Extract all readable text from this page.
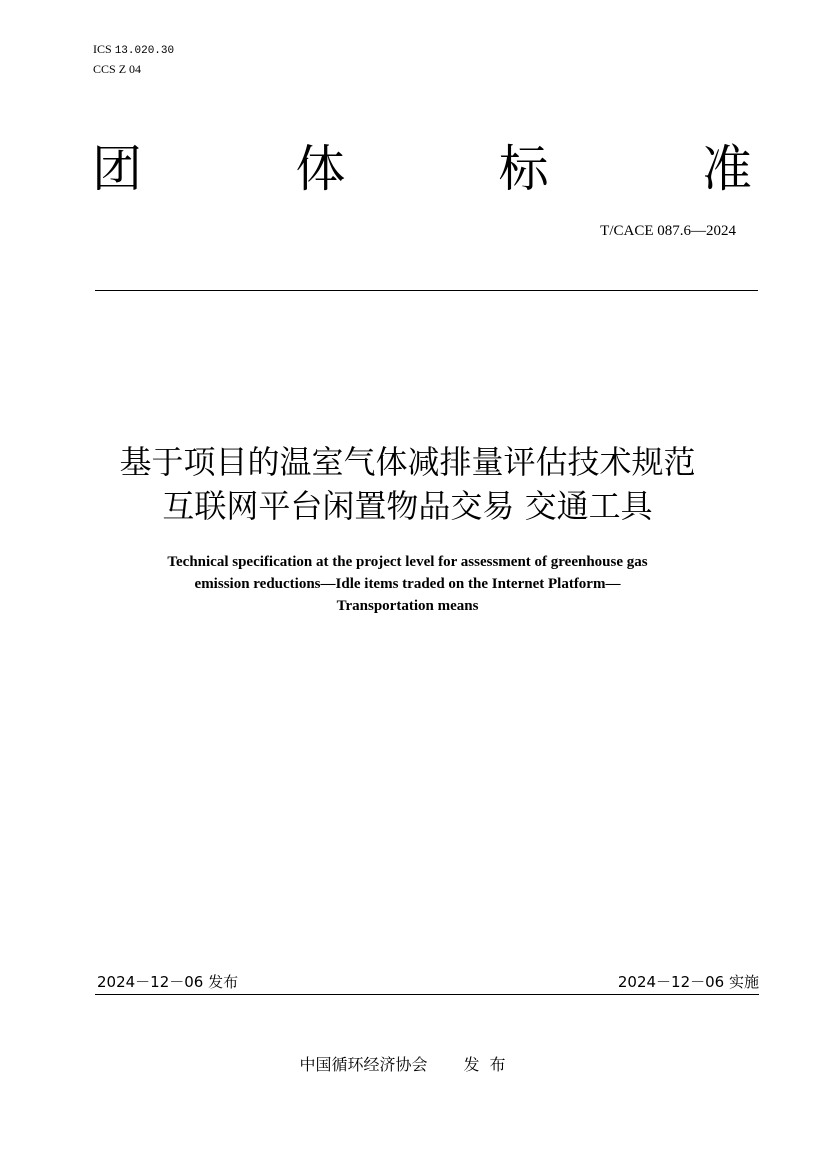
ICS 13.020.30
CCS Z 04
团	体	标	准
T/CACE 087.6—2024
基于项目的温室气体减排量评估技术规范
互联网平台闲置物品交易 交通工具
Technical specification at the project level for assessment of greenhouse gas
emission reductions—Idle items traded on the Internet Platform—
Transportation means
2024－12－06 发布	2024－12－06 实施
中国循环经济协会 发布
